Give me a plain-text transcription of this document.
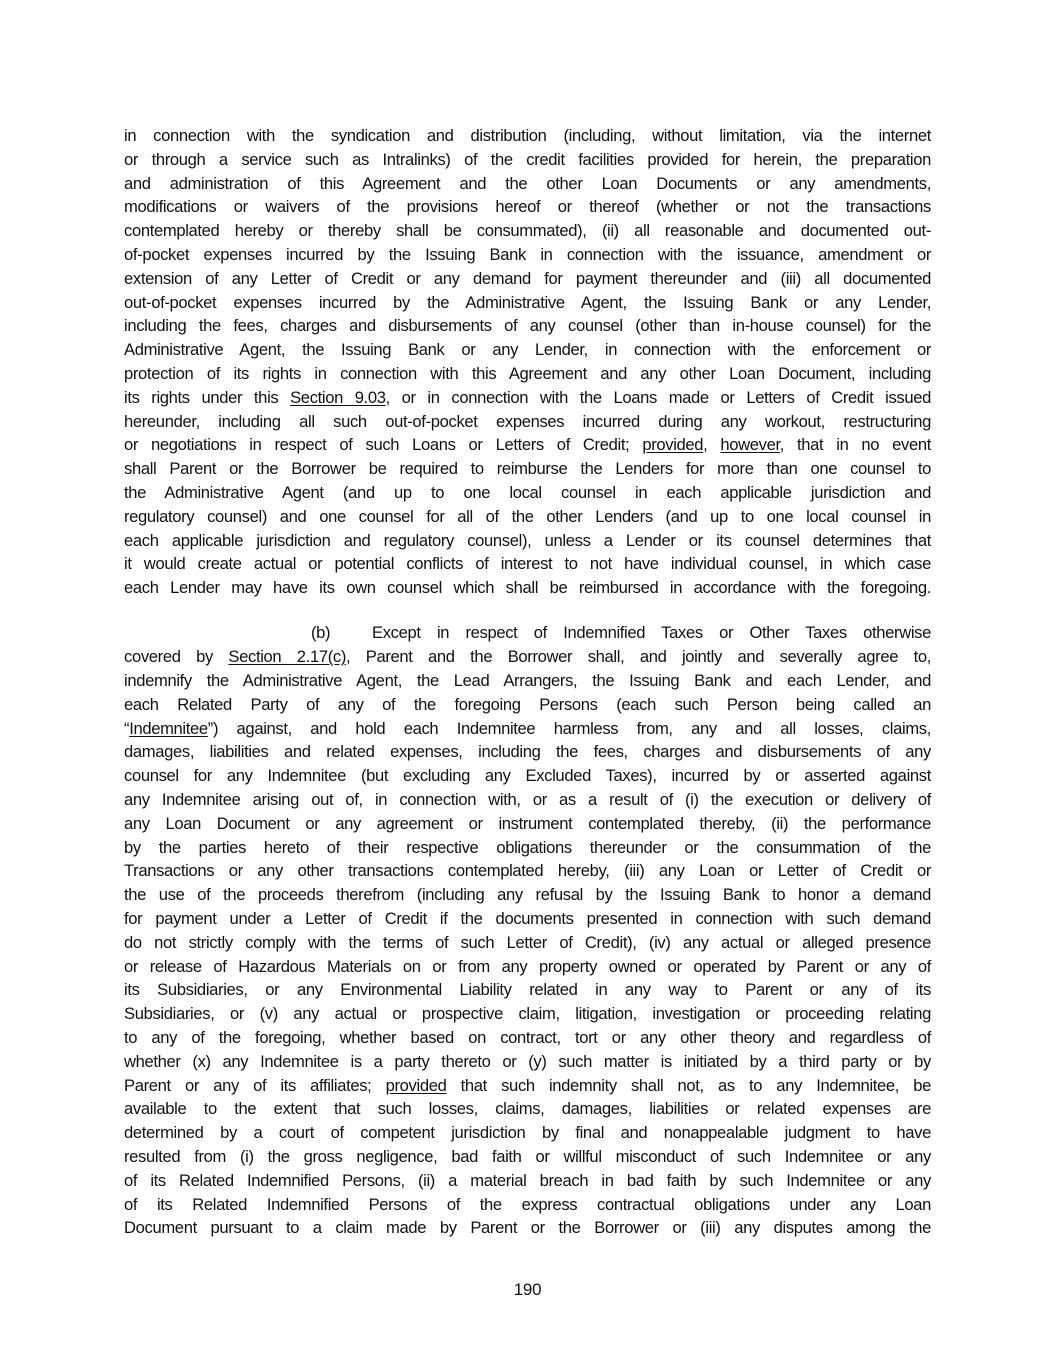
in connection with the syndication and distribution (including, without limitation, via the internet
or through a service such as Intralinks) of the credit facilities provided for herein, the preparation
and administration of this Agreement and the other Loan Documents or any amendments,
modifications or waivers of the provisions hereof or thereof (whether or not the transactions
contemplated hereby or thereby shall be consummated), (ii) all reasonable and documented out-
of-pocket expenses incurred by the Issuing Bank in connection with the issuance, amendment or
extension of any Letter of Credit or any demand for payment thereunder and (iii) all documented
out-of-pocket expenses incurred by the Administrative Agent, the Issuing Bank or any Lender,
including the fees, charges and disbursements of any counsel (other than in-house counsel) for the
Administrative Agent, the Issuing Bank or any Lender, in connection with the enforcement or
protection of its rights in connection with this Agreement and any other Loan Document, including
its rights under this Section 9.03, or in connection with the Loans made or Letters of Credit issued
hereunder, including all such out-of-pocket expenses incurred during any workout, restructuring
or negotiations in respect of such Loans or Letters of Credit; provided, however, that in no event
shall Parent or the Borrower be required to reimburse the Lenders for more than one counsel to
the Administrative Agent (and up to one local counsel in each applicable jurisdiction and
regulatory counsel) and one counsel for all of the other Lenders (and up to one local counsel in
each applicable jurisdiction and regulatory counsel), unless a Lender or its counsel determines that
it would create actual or potential conflicts of interest to not have individual counsel, in which case
each Lender may have its own counsel which shall be reimbursed in accordance with the foregoing.
(b)	Except in respect of Indemnified Taxes or Other Taxes otherwise
covered by Section 2.17(c), Parent and the Borrower shall, and jointly and severally agree to,
indemnify the Administrative Agent, the Lead Arrangers, the Issuing Bank and each Lender, and
each Related Party of any of the foregoing Persons (each such Person being called an
“Indemnitee”) against, and hold each Indemnitee harmless from, any and all losses, claims,
damages, liabilities and related expenses, including the fees, charges and disbursements of any
counsel for any Indemnitee (but excluding any Excluded Taxes), incurred by or asserted against
any Indemnitee arising out of, in connection with, or as a result of (i) the execution or delivery of
any Loan Document or any agreement or instrument contemplated thereby, (ii) the performance
by the parties hereto of their respective obligations thereunder or the consummation of the
Transactions or any other transactions contemplated hereby, (iii) any Loan or Letter of Credit or
the use of the proceeds therefrom (including any refusal by the Issuing Bank to honor a demand
for payment under a Letter of Credit if the documents presented in connection with such demand
do not strictly comply with the terms of such Letter of Credit), (iv) any actual or alleged presence
or release of Hazardous Materials on or from any property owned or operated by Parent or any of
its Subsidiaries, or any Environmental Liability related in any way to Parent or any of its
Subsidiaries, or (v) any actual or prospective claim, litigation, investigation or proceeding relating
to any of the foregoing, whether based on contract, tort or any other theory and regardless of
whether (x) any Indemnitee is a party thereto or (y) such matter is initiated by a third party or by
Parent or any of its affiliates; provided that such indemnity shall not, as to any Indemnitee, be
available to the extent that such losses, claims, damages, liabilities or related expenses are
determined by a court of competent jurisdiction by final and nonappealable judgment to have
resulted from (i) the gross negligence, bad faith or willful misconduct of such Indemnitee or any
of its Related Indemnified Persons, (ii) a material breach in bad faith by such Indemnitee or any
of its Related Indemnified Persons of the express contractual obligations under any Loan
Document pursuant to a claim made by Parent or the Borrower or (iii) any disputes among the
190
